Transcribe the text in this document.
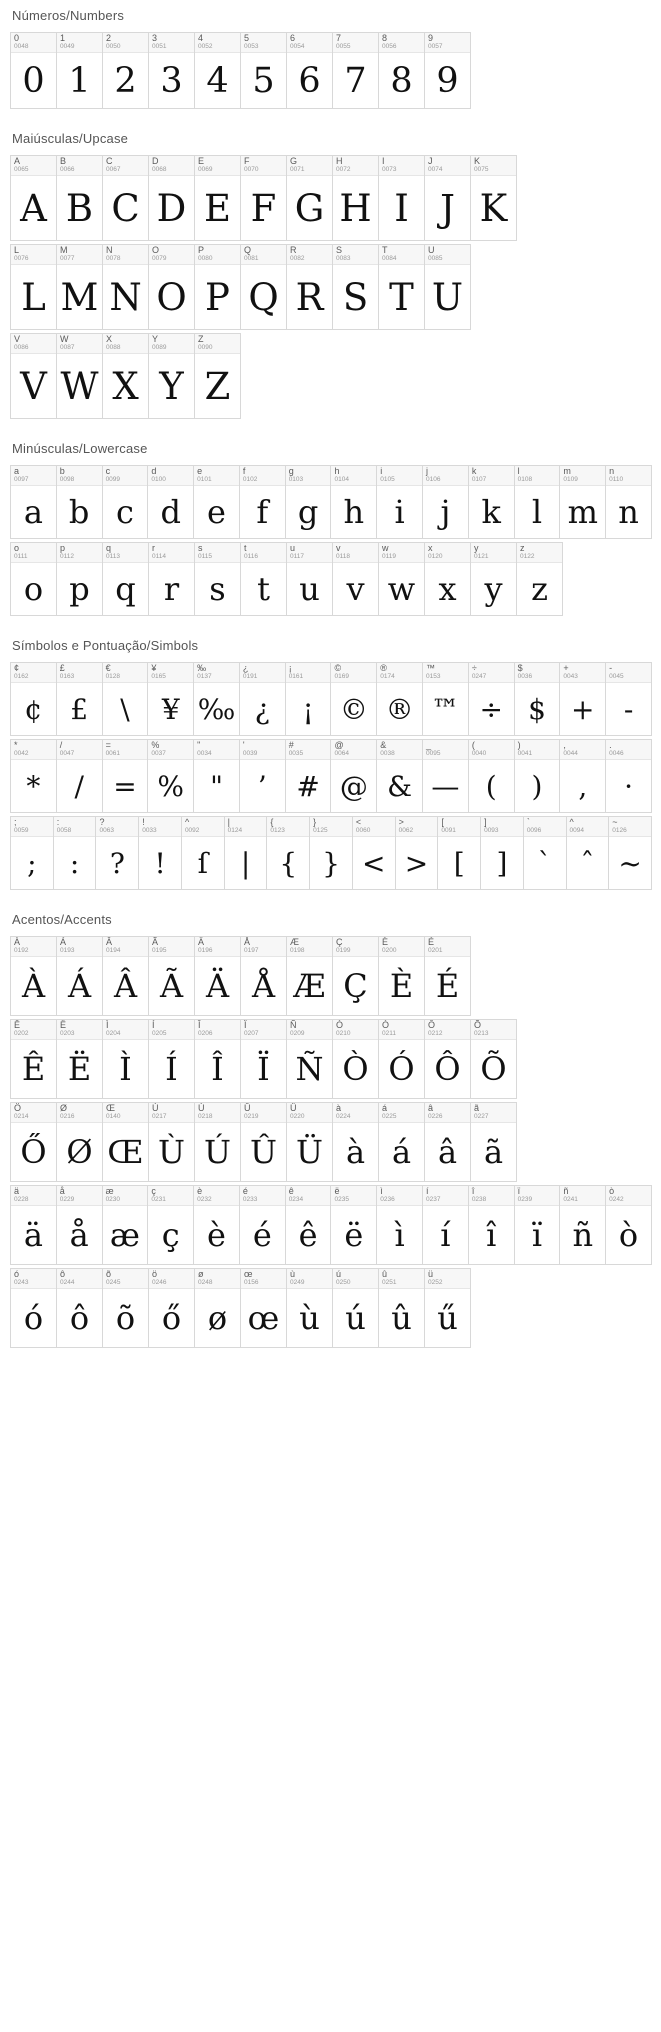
Números/Numbers
0
0048
0
1
0049
1
2
0050
2
3
0051
3
4
0052
4
5
0053
5
6
0054
6
7
0055
7
8
0056
8
9
0057
9
Maiúsculas/Upcase
A
0065
A
B
0066
B
C
0067
C
D
0068
D
E
0069
E
F
0070
F
G
0071
G
H
0072
H
I
0073
I
J
0074
J
K
0075
K
L
0076
L
M
0077
M
N
0078
N
O
0079
O
P
0080
P
Q
0081
Q
R
0082
R
S
0083
S
T
0084
T
U
0085
U
V
0086
V
W
0087
W
X
0088
X
Y
0089
Y
Z
0090
Z
Minúsculas/Lowercase
a
0097
a
b
0098
b
c
0099
c
d
0100
d
e
0101
e
f
0102
f
g
0103
g
h
0104
h
i
0105
i
j
0106
j
k
0107
k
l
0108
l
m
0109
m
n
0110
n
o
0111
o
p
0112
p
q
0113
q
r
0114
r
s
0115
s
t
0116
t
u
0117
u
v
0118
v
w
0119
w
x
0120
x
y
0121
y
z
0122
z
Símbolos e Pontuação/Simbols
¢
0162
¢
£
0163
£
€
0128
\
¥
0165
¥
‰
0137
‰
¿
0191
¿
¡
0161
¡
©
0169
©
®
0174
®
™
0153
™
÷
0247
÷
$
0036
$
+
0043
+
-
0045
-
*
0042
*
/
0047
/
=
0061
=
%
0037
%
"
0034
"
'
0039
’
#
0035
#
@
0064
@
&
0038
&
_
0095
—
(
0040
(
)
0041
)
,
0044
,
.
0046
·
;
0059
;
:
0058
:
?
0063
?
!
0033
!
^
0092
ſ
|
0124
|
{
0123
{
}
0125
}
<
0060
<
>
0062
>
[
0091
[
]
0093
]
`
0096
`
^
0094
ˆ
~
0126
~
Acentos/Accents
À
0192
À
Á
0193
Á
Â
0194
Â
Ã
0195
Ã
Ä
0196
Ä
Å
0197
Å
Æ
0198
Æ
Ç
0199
Ç
È
0200
È
É
0201
É
Ê
0202
Ê
Ë
0203
Ë
Ì
0204
Ì
Í
0205
Í
Î
0206
Î
Ï
0207
Ï
Ñ
0209
Ñ
Ò
0210
Ò
Ó
0211
Ó
Ô
0212
Ô
Õ
0213
Õ
Ö
0214
Ő
Ø
0216
Ø
Œ
0140
Œ
Ù
0217
Ù
Ú
0218
Ú
Û
0219
Û
Ü
0220
Ü
à
0224
à
á
0225
á
â
0226
â
ã
0227
ã
ä
0228
ä
å
0229
å
æ
0230
æ
ç
0231
ç
è
0232
è
é
0233
é
ê
0234
ê
ë
0235
ë
ì
0236
ì
í
0237
í
î
0238
î
ï
0239
ï
ñ
0241
ñ
ò
0242
ò
ó
0243
ó
ô
0244
ô
õ
0245
õ
ö
0246
ő
ø
0248
ø
œ
0156
œ
ù
0249
ù
ú
0250
ú
û
0251
û
ü
0252
ű
